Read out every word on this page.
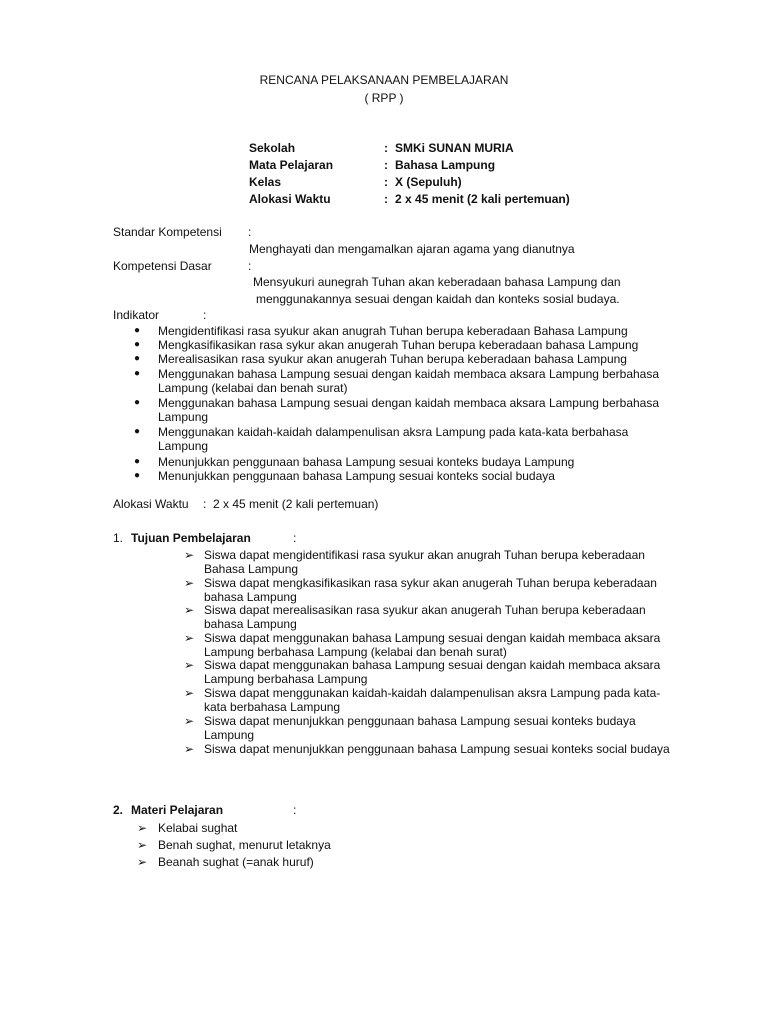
RENCANA PELAKSANAAN PEMBELAJARAN
( RPP )
Sekolah	: SMKi SUNAN MURIA
Mata Pelajaran	: Bahasa Lampung
Kelas	: X (Sepuluh)
Alokasi Waktu	: 2 x 45 menit (2 kali pertemuan)
Standar Kompetensi :
Menghayati dan mengamalkan ajaran agama yang dianutnya
Kompetensi Dasar	:
Mensyukuri aunegrah Tuhan akan keberadaan bahasa Lampung dan
menggunakannya sesuai dengan kaidah dan konteks sosial budaya.
Indikator	:
● Mengidentifikasi rasa syukur akan anugrah Tuhan berupa keberadaan Bahasa Lampung
● Mengkasifikasikan rasa sykur akan anugerah Tuhan berupa keberadaan bahasa Lampung
● Merealisasikan rasa syukur akan anugerah Tuhan berupa keberadaan bahasa Lampung
● Menggunakan bahasa Lampung sesuai dengan kaidah membaca aksara Lampung berbahasa Lampung (kelabai dan benah surat)
● Menggunakan bahasa Lampung sesuai dengan kaidah membaca aksara Lampung berbahasa Lampung
● Menggunakan kaidah-kaidah dalampenulisan aksra Lampung pada kata-kata berbahasa Lampung
● Menunjukkan penggunaan bahasa Lampung sesuai konteks budaya Lampung
● Menunjukkan penggunaan bahasa Lampung sesuai konteks social budaya
Alokasi Waktu : 2 x 45 menit (2 kali pertemuan)
1. Tujuan Pembelajaran	:
➢ Siswa dapat mengidentifikasi rasa syukur akan anugrah Tuhan berupa keberadaan Bahasa Lampung
➢ Siswa dapat mengkasifikasikan rasa sykur akan anugerah Tuhan berupa keberadaan bahasa Lampung
➢ Siswa dapat merealisasikan rasa syukur akan anugerah Tuhan berupa keberadaan bahasa Lampung
➢ Siswa dapat menggunakan bahasa Lampung sesuai dengan kaidah membaca aksara Lampung berbahasa Lampung (kelabai dan benah surat)
➢ Siswa dapat menggunakan bahasa Lampung sesuai dengan kaidah membaca aksara Lampung berbahasa Lampung
➢ Siswa dapat menggunakan kaidah-kaidah dalampenulisan aksra Lampung pada kata-kata berbahasa Lampung
➢ Siswa dapat menunjukkan penggunaan bahasa Lampung sesuai konteks budaya Lampung
➢ Siswa dapat menunjukkan penggunaan bahasa Lampung sesuai konteks social budaya
2. Materi Pelajaran	:
➢ Kelabai sughat
➢ Benah sughat, menurut letaknya
➢ Beanah sughat (=anak huruf)
